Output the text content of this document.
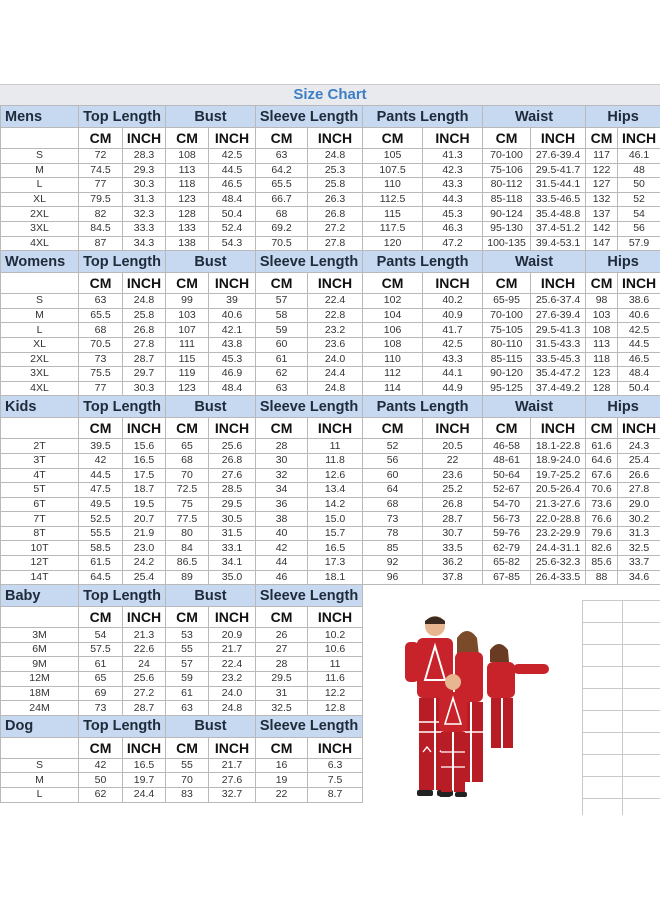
Size Chart
Mens	Top Length		Bust		Sleeve Length		Pants Length		Waist		Hips	
	CM	INCH	CM	INCH	CM	INCH	CM	INCH	CM	INCH	CM	INCH
S	72	28.3	108	42.5	63	24.8	105	41.3	70-100	27.6-39.4	117	46.1
M	74.5	29.3	113	44.5	64.2	25.3	107.5	42.3	75-106	29.5-41.7	122	48
L	77	30.3	118	46.5	65.5	25.8	110	43.3	80-112	31.5-44.1	127	50
XL	79.5	31.3	123	48.4	66.7	26.3	112.5	44.3	85-118	33.5-46.5	132	52
2XL	82	32.3	128	50.4	68	26.8	115	45.3	90-124	35.4-48.8	137	54
3XL	84.5	33.3	133	52.4	69.2	27.2	117.5	46.3	95-130	37.4-51.2	142	56
4XL	87	34.3	138	54.3	70.5	27.8	120	47.2	100-135	39.4-53.1	147	57.9
Womens	Top Length		Bust		Sleeve Length		Pants Length		Waist		Hips	
	CM	INCH	CM	INCH	CM	INCH	CM	INCH	CM	INCH	CM	INCH
S	63	24.8	99	39	57	22.4	102	40.2	65-95	25.6-37.4	98	38.6
M	65.5	25.8	103	40.6	58	22.8	104	40.9	70-100	27.6-39.4	103	40.6
L	68	26.8	107	42.1	59	23.2	106	41.7	75-105	29.5-41.3	108	42.5
XL	70.5	27.8	111	43.8	60	23.6	108	42.5	80-110	31.5-43.3	113	44.5
2XL	73	28.7	115	45.3	61	24.0	110	43.3	85-115	33.5-45.3	118	46.5
3XL	75.5	29.7	119	46.9	62	24.4	112	44.1	90-120	35.4-47.2	123	48.4
4XL	77	30.3	123	48.4	63	24.8	114	44.9	95-125	37.4-49.2	128	50.4
Kids	Top Length		Bust		Sleeve Length		Pants Length		Waist		Hips	
	CM	INCH	CM	INCH	CM	INCH	CM	INCH	CM	INCH	CM	INCH
2T	39.5	15.6	65	25.6	28	11	52	20.5	46-58	18.1-22.8	61.6	24.3
3T	42	16.5	68	26.8	30	11.8	56	22	48-61	18.9-24.0	64.6	25.4
4T	44.5	17.5	70	27.6	32	12.6	60	23.6	50-64	19.7-25.2	67.6	26.6
5T	47.5	18.7	72.5	28.5	34	13.4	64	25.2	52-67	20.5-26.4	70.6	27.8
6T	49.5	19.5	75	29.5	36	14.2	68	26.8	54-70	21.3-27.6	73.6	29.0
7T	52.5	20.7	77.5	30.5	38	15.0	73	28.7	56-73	22.0-28.8	76.6	30.2
8T	55.5	21.9	80	31.5	40	15.7	78	30.7	59-76	23.2-29.9	79.6	31.3
10T	58.5	23.0	84	33.1	42	16.5	85	33.5	62-79	24.4-31.1	82.6	32.5
12T	61.5	24.2	86.5	34.1	44	17.3	92	36.2	65-82	25.6-32.3	85.6	33.7
14T	64.5	25.4	89	35.0	46	18.1	96	37.8	67-85	26.4-33.5	88	34.6
Baby	Top Length		Bust		Sleeve Length							
	CM	INCH	CM	INCH	CM	INCH						
3M	54	21.3	53	20.9	26	10.2						
6M	57.5	22.6	55	21.7	27	10.6						
9M	61	24	57	22.4	28	11						
12M	65	25.6	59	23.2	29.5	11.6						
18M	69	27.2	61	24.0	31	12.2						
24M	73	28.7	63	24.8	32.5	12.8						
Dog	Top Length		Bust		Sleeve Length							
	CM	INCH	CM	INCH	CM	INCH						
S	42	16.5	55	21.7	16	6.3						
M	50	19.7	70	27.6	19	7.5						
L	62	24.4	83	32.7	22	8.7						
